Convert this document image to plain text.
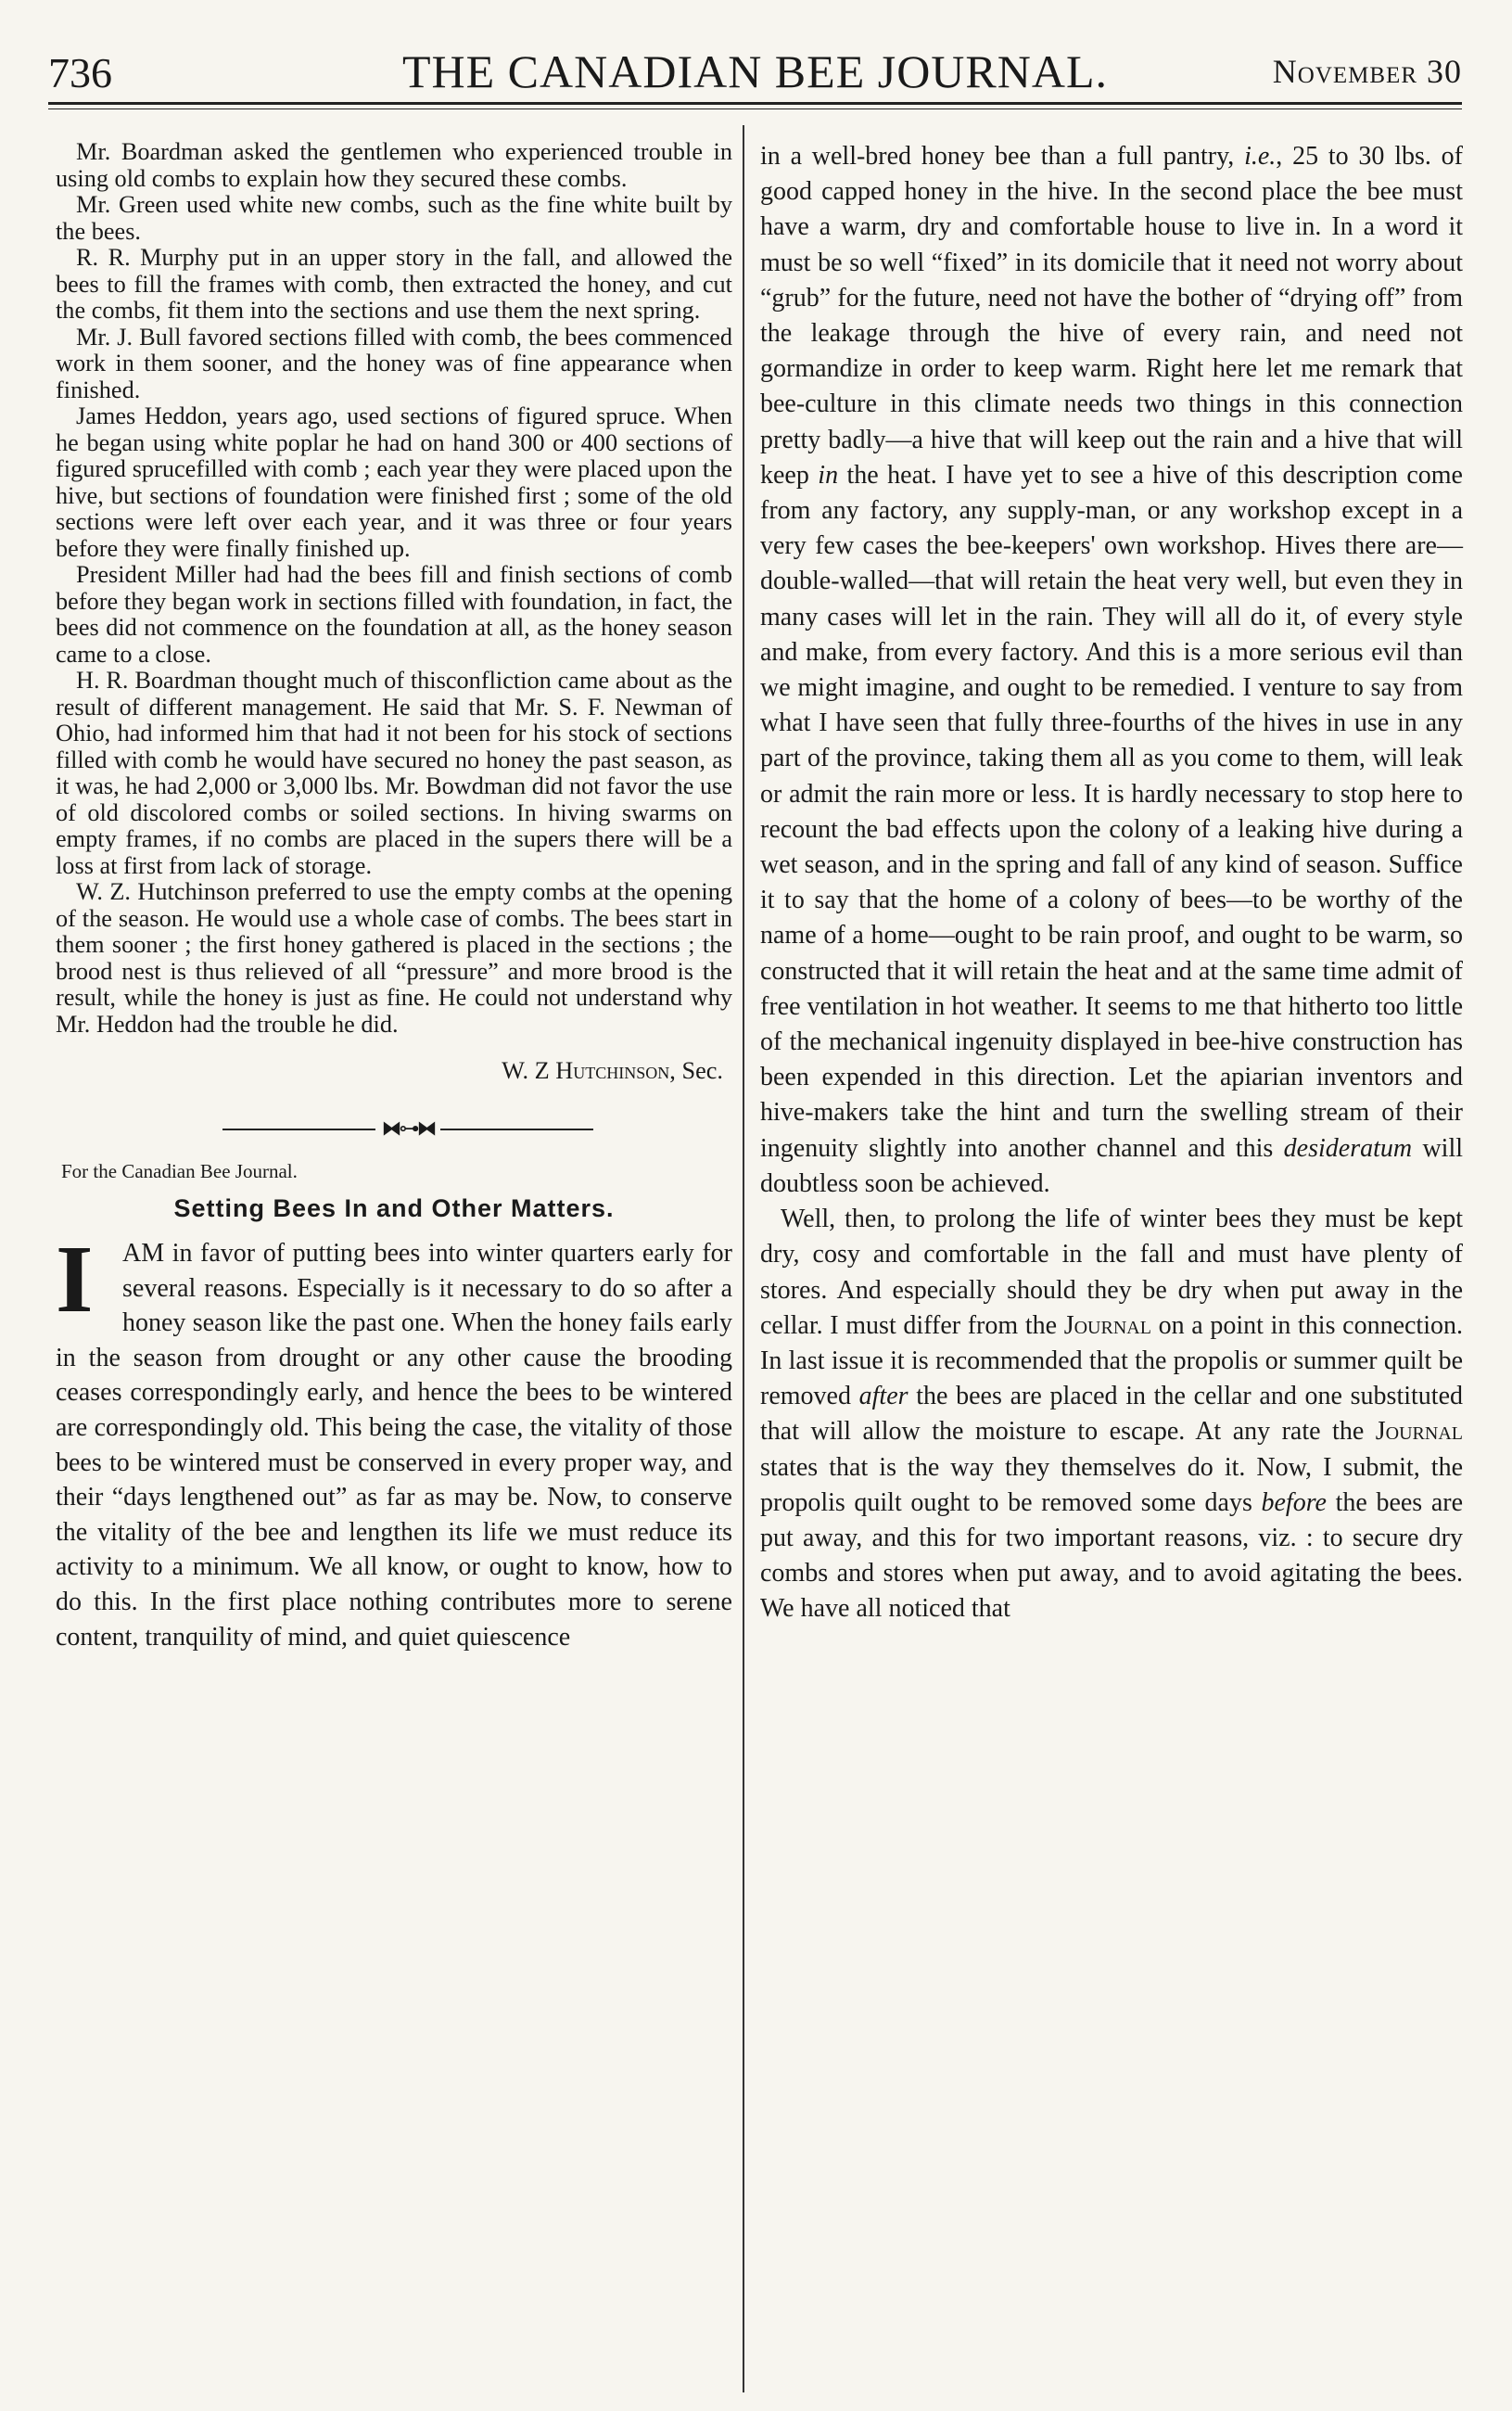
736	THE CANADIAN BEE JOURNAL.	November 30

Mr. Boardman asked the gentlemen who experienced trouble in using old combs to explain how they secured these combs.

Mr. Green used white new combs, such as the fine white built by the bees.

R. R. Murphy put in an upper story in the fall, and allowed the bees to fill the frames with comb, then extracted the honey, and cut the combs, fit them into the sections and use them the next spring.

Mr. J. Bull favored sections filled with comb, the bees commenced work in them sooner, and the honey was of fine appearance when finished.

James Heddon, years ago, used sections of figured spruce. When he began using white poplar he had on hand 300 or 400 sections of figured sprucefilled with comb ; each year they were placed upon the hive, but sections of foundation were finished first ; some of the old sections were left over each year, and it was three or four years before they were finally finished up.

President Miller had had the bees fill and finish sections of comb before they began work in sections filled with foundation, in fact, the bees did not commence on the foundation at all, as the honey season came to a close.

H. R. Boardman thought much of thisconfliction came about as the result of different management. He said that Mr. S. F. Newman of Ohio, had informed him that had it not been for his stock of sections filled with comb he would have secured no honey the past season, as it was, he had 2,000 or 3,000 lbs. Mr. Bowdman did not favor the use of old discolored combs or soiled sections. In hiving swarms on empty frames, if no combs are placed in the supers there will be a loss at first from lack of storage.

W. Z. Hutchinson preferred to use the empty combs at the opening of the season. He would use a whole case of combs. The bees start in them sooner ; the first honey gathered is placed in the sections ; the brood nest is thus relieved of all “pressure” and more brood is the result, while the honey is just as fine. He could not understand why Mr. Heddon had the trouble he did.

W. Z Hutchinson, Sec.

⧓⊶⧓
For the Canadian Bee Journal.
Setting Bees In and Other Matters.
I	AM in favor of putting bees into winter quarters early for several reasons. Especially is it necessary to do so after a honey season like the past one. When the honey fails early in the season from drought or any other cause the brooding ceases correspondingly early, and hence the bees to be wintered are correspondingly old. This being the case, the vitality of those bees to be wintered must be conserved in every proper way, and their “days lengthened out” as far as may be. Now, to conserve the vitality of the bee and lengthen its life we must reduce its activity to a minimum. We all know, or ought to know, how to do this. In the first place nothing contributes more to serene content, tranquility of mind, and quiet quiescence

in a well-bred honey bee than a full pantry, i.e., 25 to 30 lbs. of good capped honey in the hive. In the second place the bee must have a warm, dry and comfortable house to live in. In a word it must be so well “fixed” in its domicile that it need not worry about “grub” for the future, need not have the bother of “drying off” from the leakage through the hive of every rain, and need not gormandize in order to keep warm. Right here let me remark that bee-culture in this climate needs two things in this connection pretty badly—a hive that will keep out the rain and a hive that will keep in the heat. I have yet to see a hive of this description come from any factory, any supply-man, or any workshop except in a very few cases the bee-keepers' own workshop. Hives there are—double-walled—that will retain the heat very well, but even they in many cases will let in the rain. They will all do it, of every style and make, from every factory. And this is a more serious evil than we might imagine, and ought to be remedied. I venture to say from what I have seen that fully three-fourths of the hives in use in any part of the province, taking them all as you come to them, will leak or admit the rain more or less. It is hardly necessary to stop here to recount the bad effects upon the colony of a leaking hive during a wet season, and in the spring and fall of any kind of season. Suffice it to say that the home of a colony of bees—to be worthy of the name of a home—ought to be rain proof, and ought to be warm, so constructed that it will retain the heat and at the same time admit of free ventilation in hot weather. It seems to me that hitherto too little of the mechanical ingenuity displayed in bee-hive construction has been expended in this direction. Let the apiarian inventors and hive-makers take the hint and turn the swelling stream of their ingenuity slightly into another channel and this desideratum will doubtless soon be achieved.

Well, then, to prolong the life of winter bees they must be kept dry, cosy and comfortable in the fall and must have plenty of stores. And especially should they be dry when put away in the cellar. I must differ from the Journal on a point in this connection. In last issue it is recommended that the propolis or summer quilt be removed after the bees are placed in the cellar and one substituted that will allow the moisture to escape. At any rate the Journal states that is the way they themselves do it. Now, I submit, the propolis quilt ought to be removed some days before the bees are put away, and this for two important reasons, viz. : to secure dry combs and stores when put away, and to avoid agitating the bees. We have all noticed that
